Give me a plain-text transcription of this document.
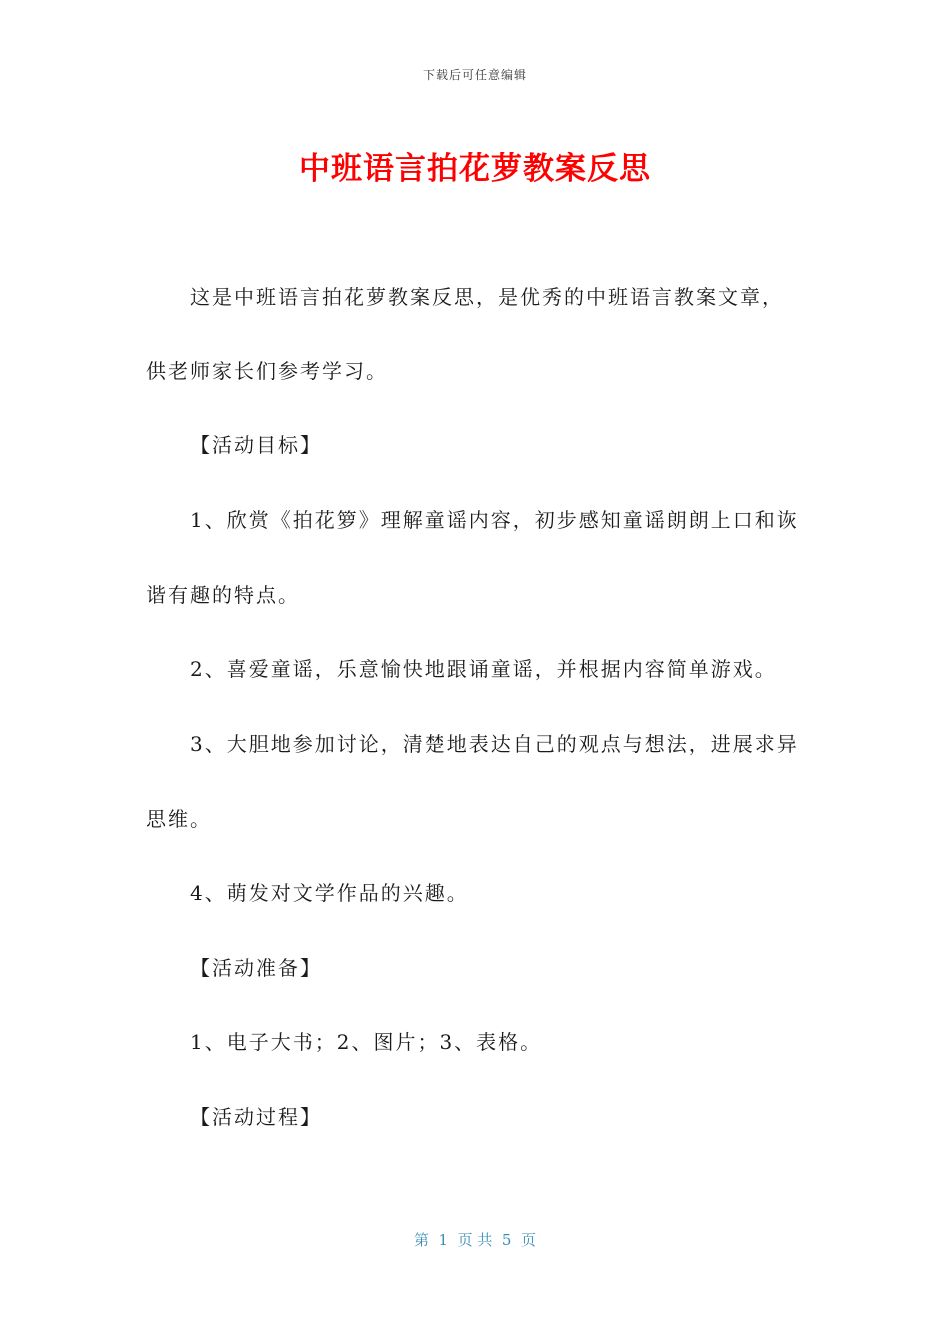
下载后可任意编辑
中班语言拍花萝教案反思
这是中班语言拍花萝教案反思，是优秀的中班语言教案文章，
供老师家长们参考学习。
【活动目标】
1、欣赏《拍花箩》理解童谣内容，初步感知童谣朗朗上口和诙
谐有趣的特点。
2、喜爱童谣，乐意愉快地跟诵童谣，并根据内容简单游戏。
3、大胆地参加讨论，清楚地表达自己的观点与想法，进展求异
思维。
4、萌发对文学作品的兴趣。
【活动准备】
1、电子大书；2、图片；3、表格。
【活动过程】
第  1  页 共  5  页
